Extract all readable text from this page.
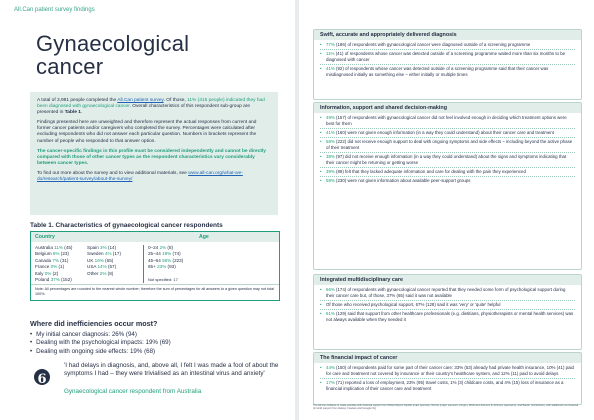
All.Can patient survey findings
Gynaecological
cancer

A total of 3,981 people completed the All.Can patient survey. Of those, 11% (415 people) indicated they had been diagnosed with gynaecological cancer. Overall characteristics of this respondent sub-group are presented in Table 1.

Findings presented here are unweighted and therefore represent the actual responses from current and former cancer patients and/or caregivers who completed the survey. Percentages were calculated after excluding respondents who did not answer each particular question. Numbers in brackets represent the number of people who responded to that answer option.

The cancer-specific findings in this profile must be considered independently and cannot be directly compared with those of other cancer types as the respondent characteristics vary considerably between cancer types.

To find out more about the survey and to view additional materials, see www.all-can.org/what-we-do/research/patient-survey/about-the-survey/

Table 1. Characteristics of gynaecological cancer respondents
Country	Age
Australia 11% (45)
Belgium 6% (23)
Canada 7% (31)
France 0% (1)
Italy 0% (2)
Poland 37% (152)
Spain 3% (14)
Sweden 4% (17)
UK 16% (65)
USA 14% (57)
Other 2% (8)
0–24 2% (8)
25–44 19% (74)
45–64 56% (223)
65+ 23% (93)
Not specified: 17
Note: All percentages are rounded to the nearest whole number; therefore the sum of percentages for all answers to a given question may not total 100%.
Where did inefficiencies occur most?
• My initial cancer diagnosis: 26% (94)
• Dealing with the psychological impacts: 19% (69)
• Dealing with ongoing side effects: 19% (68)
6
'I had delays in diagnosis, and, above all, I felt I was made a fool of about the symptoms I had – they were trivialised as an intestinal virus and anxiety'
Gynaecological cancer respondent from Australia
Swift, accurate and appropriately delivered diagnosis
•	77% (186) of respondents with gynaecological cancer were diagnosed outside of a screening programme
•	11% (41) of respondents whose cancer was detected outside of a screening programme waited more than six months to be diagnosed with cancer
•	41% (92) of respondents whose cancer was detected outside of a screening programme said that their cancer was misdiagnosed initially as something else – either initially or multiple times
Information, support and shared decision-making
•	49% (157) of respondents with gynaecological cancer did not feel involved enough in deciding which treatment options were best for them
•	41% (160) were not given enough information (in a way they could understand) about their cancer care and treatment
•	58% (222) did not receive enough support to deal with ongoing symptoms and side effects – including beyond the active phase of their treatment
•	38% (97) did not receive enough information (in a way they could understand) about the signs and symptoms indicating that their cancer might be returning or getting worse
•	39% (89) felt that they lacked adequate information and care for dealing with the pain they experienced
•	58% (230) were not given information about available peer-support groups
Integrated multidisciplinary care
•	66% (174) of respondents with gynaecological cancer reported that they needed some form of psychological support during their cancer care but, of those, 37% (65) said it was not available
•	Of those who received psychological support, 67% (128) said it was 'very' or 'quite' helpful
•	61% (129) said that support from other healthcare professionals (e.g. dietitians, physiotherapists or mental health services) was not always available when they needed it
The financial impact of cancer
•	44% (150) of respondents paid for some part of their cancer care: 33% (53) already had private health insurance, 10% (41) paid for care and treatment not covered by insurance or their country's healthcare system, and 12% (11) paid to avoid delays
•	17% (71) reported a loss of employment, 23% (95) travel costs, 1% (3) childcare costs, and 4% (15) loss of insurance as a financial implication of their cancer care and treatment
The All.Can initiative is made possible with financial support from Bristol-Myers Squibb (main sponsor), Roche (major sponsor), Amgen, MSD and Johnson & Johnson (sponsors), and Baxter (contributor), with additional non-financial (in kind) support from Helpsy, Intacare and Google.Org
